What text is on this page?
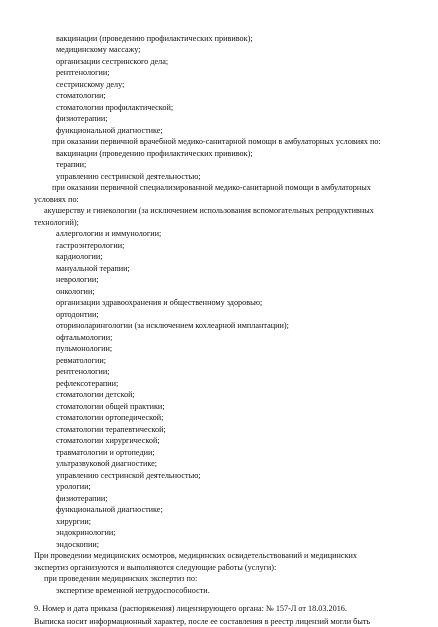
вакцинации (проведению профилактических прививок);
медицинскому массажу;
организации сестринского дела;
рентгенологии;
сестринскому делу;
стоматологии;
стоматологии профилактической;
физиотерапии;
функциональной диагностике;
при оказании первичной врачебной медико-санитарной помощи в амбулаторных условиях по:
вакцинации (проведению профилактических прививок);
терапии;
управлению сестринской деятельностью;
при оказании первичной специализированной медико-санитарной помощи в амбулаторных
условиях по:
акушерству и гинекологии (за исключением использования вспомогательных репродуктивных
технологий);
аллергологии и иммунологии;
гастроэнтерологии;
кардиологии;
мануальной терапии;
неврологии;
онкологии;
организации здравоохранения и общественному здоровью;
ортодонтии;
оториноларингологии (за исключением кохлеарной имплантации);
офтальмологии;
пульмонологии;
ревматологии;
рентгенологии;
рефлексотерапии;
стоматологии детской;
стоматологии общей практики;
стоматологии ортопедической;
стоматологии терапевтической;
стоматологии хирургической;
травматологии и ортопедии;
ультразвуковой диагностике;
управлению сестринской деятельностью;
урологии;
физиотерапии;
функциональной диагностике;
хирургии;
эндокринологии;
эндоскопии;
При проведении медицинских осмотров, медицинских освидетельствований и медицинских
экспертиз организуются и выполняются следующие работы (услуги):
при проведении медицинских экспертиз по:
экспертизе временной нетрудоспособности.
9. Номер и дата приказа (распоряжения) лицензирующего органа: № 157-Л от 18.03.2016.
Выписка носит информационный характер, после ее составления в реестр лицензий могли быть
